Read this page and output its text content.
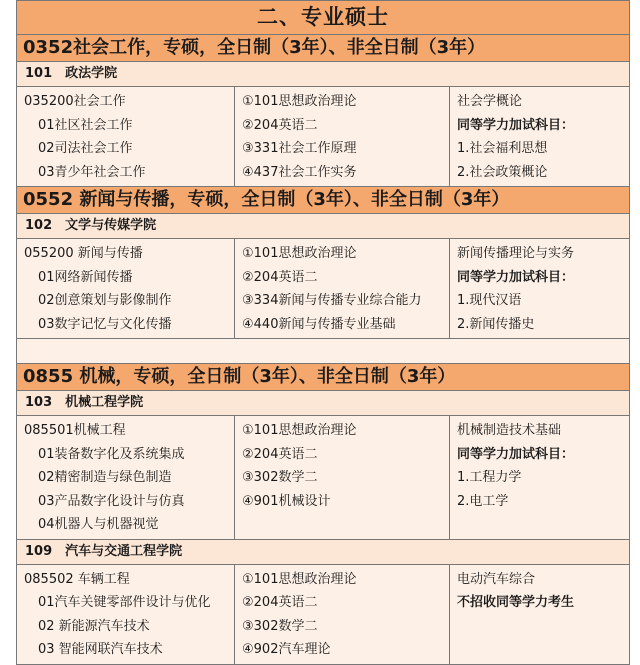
二、专业硕士
0352社会工作，专硕，全日制（3年）、非全日制（3年）
101　政法学院
035200社会工作
01社区社会工作
02司法社会工作
03青少年社会工作
①101思想政治理论
②204英语二
③331社会工作原理
④437社会工作实务
社会学概论
同等学力加试科目：
1.社会福利思想
2.社会政策概论
0552 新闻与传播，专硕，全日制（3年）、非全日制（3年）
102　文学与传媒学院
055200 新闻与传播
01网络新闻传播
02创意策划与影像制作
03数字记忆与文化传播
①101思想政治理论
②204英语二
③334新闻与传播专业综合能力
④440新闻与传播专业基础
新闻传播理论与实务
同等学力加试科目：
1.现代汉语
2.新闻传播史
0855 机械，专硕，全日制（3年）、非全日制（3年）
103　机械工程学院
085501机械工程
01装备数字化及系统集成
02精密制造与绿色制造
03产品数字化设计与仿真
04机器人与机器视觉
①101思想政治理论
②204英语二
③302数学二
④901机械设计
机械制造技术基础
同等学力加试科目：
1.工程力学
2.电工学
109　汽车与交通工程学院
085502 车辆工程
01汽车关键零部件设计与优化
02 新能源汽车技术
03 智能网联汽车技术
①101思想政治理论
②204英语二
③302数学二
④902汽车理论
电动汽车综合
不招收同等学力考生
